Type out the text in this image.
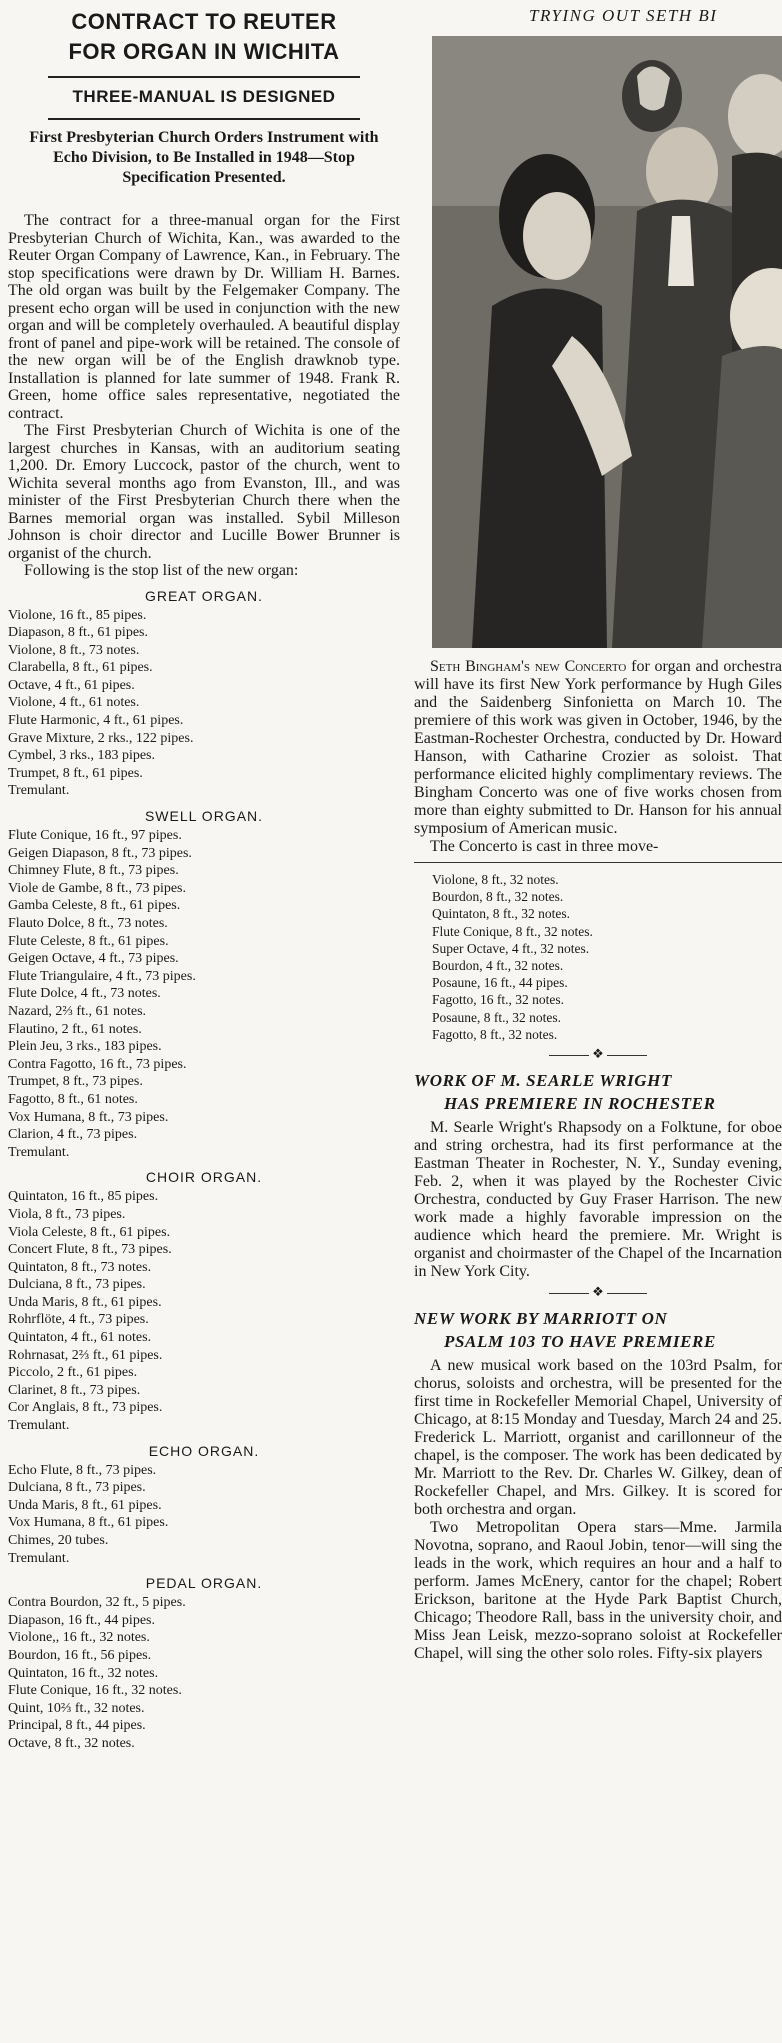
CONTRACT TO REUTER
FOR ORGAN IN WICHITA
THREE-MANUAL IS DESIGNED
First Presbyterian Church Orders Instrument with Echo Division, to Be Installed in 1948—Stop Specification Presented.

The contract for a three-manual organ for the First Presbyterian Church of Wichita, Kan., was awarded to the Reuter Organ Company of Lawrence, Kan., in February. The stop specifications were drawn by Dr. William H. Barnes. The old organ was built by the Felgemaker Company. The present echo organ will be used in conjunction with the new organ and will be completely overhauled. A beautiful display front of panel and pipe-work will be retained. The console of the new organ will be of the English drawknob type. Installation is planned for late summer of 1948. Frank R. Green, home office sales representative, negotiated the contract.

The First Presbyterian Church of Wichita is one of the largest churches in Kansas, with an auditorium seating 1,200. Dr. Emory Luccock, pastor of the church, went to Wichita several months ago from Evanston, Ill., and was minister of the First Presbyterian Church there when the Barnes memorial organ was installed. Sybil Milleson Johnson is choir director and Lucille Bower Brunner is organist of the church.

Following is the stop list of the new organ:

GREAT ORGAN.
Violone, 16 ft., 85 pipes.
Diapason, 8 ft., 61 pipes.
Violone, 8 ft., 73 notes.
Clarabella, 8 ft., 61 pipes.
Octave, 4 ft., 61 pipes.
Violone, 4 ft., 61 notes.
Flute Harmonic, 4 ft., 61 pipes.
Grave Mixture, 2 rks., 122 pipes.
Cymbel, 3 rks., 183 pipes.
Trumpet, 8 ft., 61 pipes.
Tremulant.
SWELL ORGAN.
Flute Conique, 16 ft., 97 pipes.
Geigen Diapason, 8 ft., 73 pipes.
Chimney Flute, 8 ft., 73 pipes.
Viole de Gambe, 8 ft., 73 pipes.
Gamba Celeste, 8 ft., 61 pipes.
Flauto Dolce, 8 ft., 73 notes.
Flute Celeste, 8 ft., 61 pipes.
Geigen Octave, 4 ft., 73 pipes.
Flute Triangulaire, 4 ft., 73 pipes.
Flute Dolce, 4 ft., 73 notes.
Nazard, 2⅔ ft., 61 notes.
Flautino, 2 ft., 61 notes.
Plein Jeu, 3 rks., 183 pipes.
Contra Fagotto, 16 ft., 73 pipes.
Trumpet, 8 ft., 73 pipes.
Fagotto, 8 ft., 61 notes.
Vox Humana, 8 ft., 73 pipes.
Clarion, 4 ft., 73 pipes.
Tremulant.
CHOIR ORGAN.
Quintaton, 16 ft., 85 pipes.
Viola, 8 ft., 73 pipes.
Viola Celeste, 8 ft., 61 pipes.
Concert Flute, 8 ft., 73 pipes.
Quintaton, 8 ft., 73 notes.
Dulciana, 8 ft., 73 pipes.
Unda Maris, 8 ft., 61 pipes.
Rohrflöte, 4 ft., 73 pipes.
Quintaton, 4 ft., 61 notes.
Rohrnasat, 2⅔ ft., 61 pipes.
Piccolo, 2 ft., 61 pipes.
Clarinet, 8 ft., 73 pipes.
Cor Anglais, 8 ft., 73 pipes.
Tremulant.
ECHO ORGAN.
Echo Flute, 8 ft., 73 pipes.
Dulciana, 8 ft., 73 pipes.
Unda Maris, 8 ft., 61 pipes.
Vox Humana, 8 ft., 61 pipes.
Chimes, 20 tubes.
Tremulant.
PEDAL ORGAN.
Contra Bourdon, 32 ft., 5 pipes.
Diapason, 16 ft., 44 pipes.
Violone,, 16 ft., 32 notes.
Bourdon, 16 ft., 56 pipes.
Quintaton, 16 ft., 32 notes.
Flute Conique, 16 ft., 32 notes.
Quint, 10⅔ ft., 32 notes.
Principal, 8 ft., 44 pipes.
Octave, 8 ft., 32 notes.
TRYING OUT SETH BI

Seth Bingham's new Concerto for organ and orchestra will have its first New York performance by Hugh Giles and the Saidenberg Sinfonietta on March 10. The premiere of this work was given in October, 1946, by the Eastman-Rochester Orchestra, conducted by Dr. Howard Hanson, with Catharine Crozier as soloist. That performance elicited highly complimentary reviews. The Bingham Concerto was one of five works chosen from more than eighty submitted to Dr. Hanson for his annual symposium of American music.

The Concerto is cast in three move-

Violone, 8 ft., 32 notes.
Bourdon, 8 ft., 32 notes.
Quintaton, 8 ft., 32 notes.
Flute Conique, 8 ft., 32 notes.
Super Octave, 4 ft., 32 notes.
Bourdon, 4 ft., 32 notes.
Posaune, 16 ft., 44 pipes.
Fagotto, 16 ft., 32 notes.
Posaune, 8 ft., 32 notes.
Fagotto, 8 ft., 32 notes.
❖
WORK OF M. SEARLE WRIGHT
HAS PREMIERE IN ROCHESTER

M. Searle Wright's Rhapsody on a Folktune, for oboe and string orchestra, had its first performance at the Eastman Theater in Rochester, N. Y., Sunday evening, Feb. 2, when it was played by the Rochester Civic Orchestra, conducted by Guy Fraser Harrison. The new work made a highly favorable impression on the audience which heard the premiere. Mr. Wright is organist and choirmaster of the Chapel of the Incarnation in New York City.

❖
NEW WORK BY MARRIOTT ON
PSALM 103 TO HAVE PREMIERE

A new musical work based on the 103rd Psalm, for chorus, soloists and orchestra, will be presented for the first time in Rockefeller Memorial Chapel, University of Chicago, at 8:15 Monday and Tuesday, March 24 and 25. Frederick L. Marriott, organist and carillonneur of the chapel, is the composer. The work has been dedicated by Mr. Marriott to the Rev. Dr. Charles W. Gilkey, dean of Rockefeller Chapel, and Mrs. Gilkey. It is scored for both orchestra and organ.

Two Metropolitan Opera stars—Mme. Jarmila Novotna, soprano, and Raoul Jobin, tenor—will sing the leads in the work, which requires an hour and a half to perform. James McEnery, cantor for the chapel; Robert Erickson, baritone at the Hyde Park Baptist Church, Chicago; Theodore Rall, bass in the university choir, and Miss Jean Leisk, mezzo-soprano soloist at Rockefeller Chapel, will sing the other solo roles. Fifty-six players
